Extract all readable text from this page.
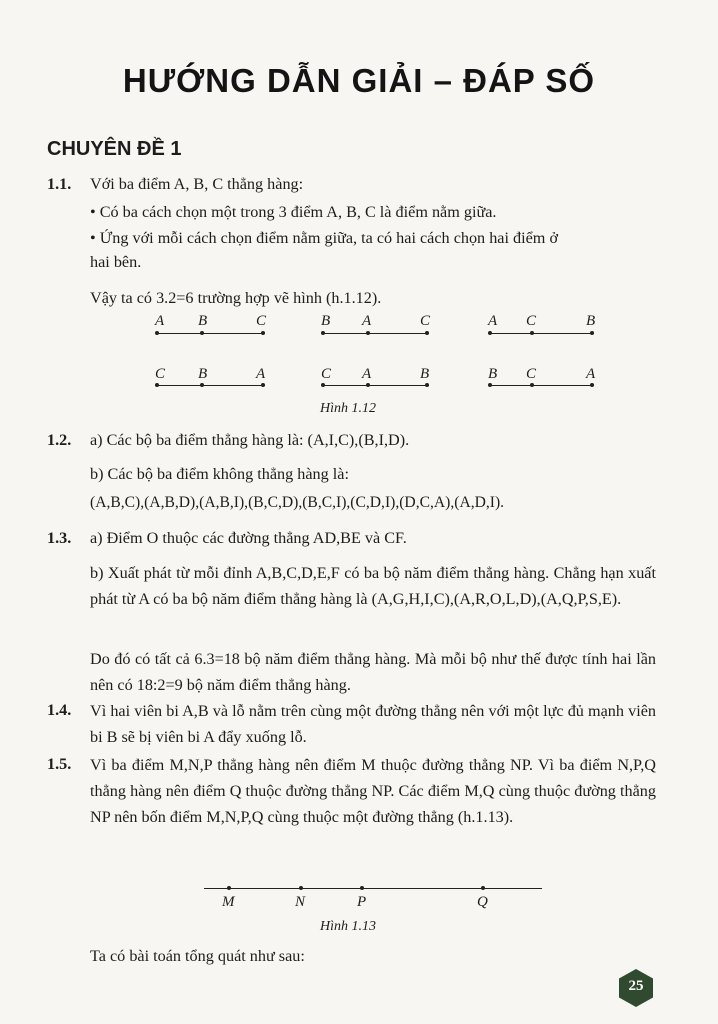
HƯỚNG DẪN GIẢI – ĐÁP SỐ
CHUYÊN ĐỀ 1
1.1. Với ba điểm A, B, C thẳng hàng:
• Có ba cách chọn một trong 3 điểm A, B, C là điểm nằm giữa.
• Ứng với mỗi cách chọn điểm nằm giữa, ta có hai cách chọn hai điểm ở
hai bên.
Vậy ta có 3.2=6 trường hợp vẽ hình (h.1.12).
A B	C	B A	C	A C	B
C B	A	C A	B	B C	A
Hình 1.12
1.2. a) Các bộ ba điểm thẳng hàng là: (A,I,C),(B,I,D).
b) Các bộ ba điểm không thẳng hàng là:
(A,B,C),(A,B,D),(A,B,I),(B,C,D),(B,C,I),(C,D,I),(D,C,A),(A,D,I).
1.3. a) Điểm O thuộc các đường thẳng AD,BE và CF.
b) Xuất phát từ mỗi đỉnh A,B,C,D,E,F có ba bộ năm điểm thẳng hàng. Chẳng hạn xuất phát từ A có ba bộ năm điểm thẳng hàng là (A,G,H,I,C),(A,R,O,L,D),(A,Q,P,S,E).
Do đó có tất cả 6.3=18 bộ năm điểm thẳng hàng. Mà mỗi bộ như thế được tính hai lần nên có 18:2=9 bộ năm điểm thẳng hàng.
1.4. Vì hai viên bi A,B và lỗ nằm trên cùng một đường thẳng nên với một lực đủ mạnh viên bi B sẽ bị viên bi A đẩy xuống lỗ.
1.5. Vì ba điểm M,N,P thẳng hàng nên điểm M thuộc đường thẳng NP. Vì ba điểm N,P,Q thẳng hàng nên điểm Q thuộc đường thẳng NP. Các điểm M,Q cùng thuộc đường thẳng NP nên bốn điểm M,N,P,Q cùng thuộc một đường thẳng (h.1.13).
M	N	P	Q
Hình 1.13
Ta có bài toán tổng quát như sau:
25
